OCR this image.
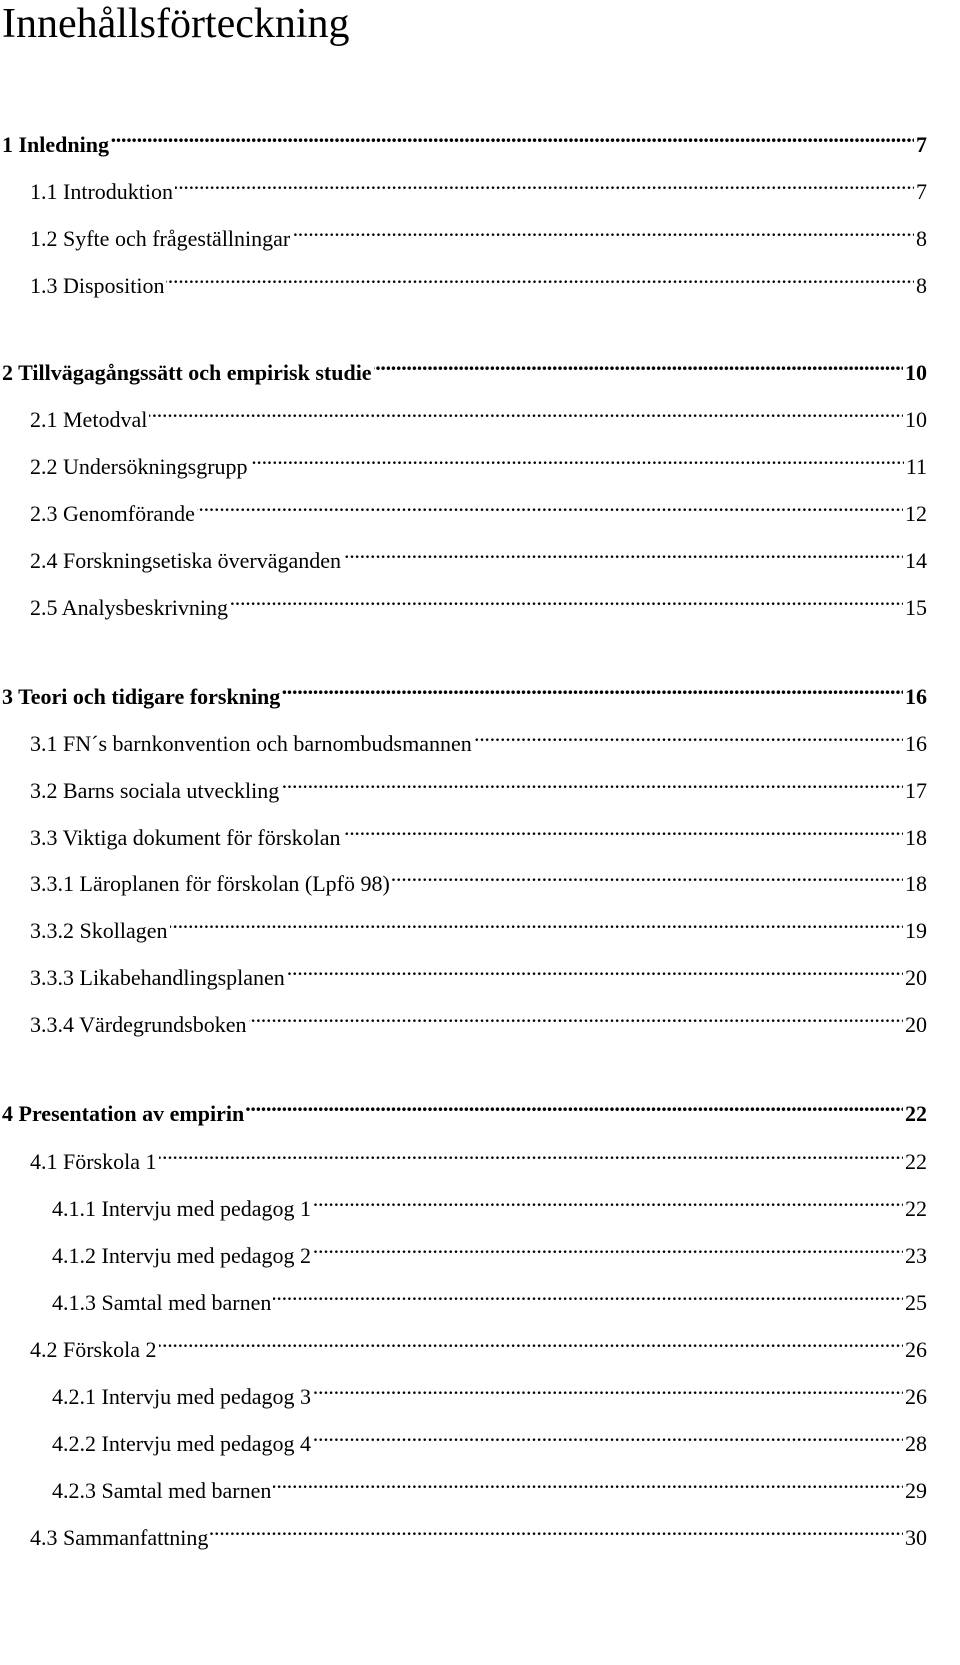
Innehållsförteckning
1 Inledning . . .	7
1.1 Introduktion . . .	7
1.2 Syfte och frågeställningar . . .	8
1.3 Disposition . . .	8
2 Tillvägagångssätt och empirisk studie . . .	10
2.1 Metodval . . .	10
2.2 Undersökningsgrupp . . .	11
2.3 Genomförande . . .	12
2.4 Forskningsetiska överväganden . . .	14
2.5 Analysbeskrivning . . .	15
3 Teori och tidigare forskning . . .	16
3.1 FN´s barnkonvention och barnombudsmannen . . .	16
3.2 Barns sociala utveckling . . .	17
3.3 Viktiga dokument för förskolan . . .	18
3.3.1 Läroplanen för förskolan (Lpfö 98) . . .	18
3.3.2 Skollagen . . .	19
3.3.3 Likabehandlingsplanen . . .	20
3.3.4 Värdegrundsboken . . .	20
4 Presentation av empirin . . .	22
4.1 Förskola 1 . . .	22
4.1.1 Intervju med pedagog 1 . . .	22
4.1.2 Intervju med pedagog 2 . . .	23
4.1.3 Samtal med barnen . . .	25
4.2 Förskola 2 . . .	26
4.2.1 Intervju med pedagog 3 . . .	26
4.2.2 Intervju med pedagog 4 . . .	28
4.2.3 Samtal med barnen . . .	29
4.3 Sammanfattning . . .	30
